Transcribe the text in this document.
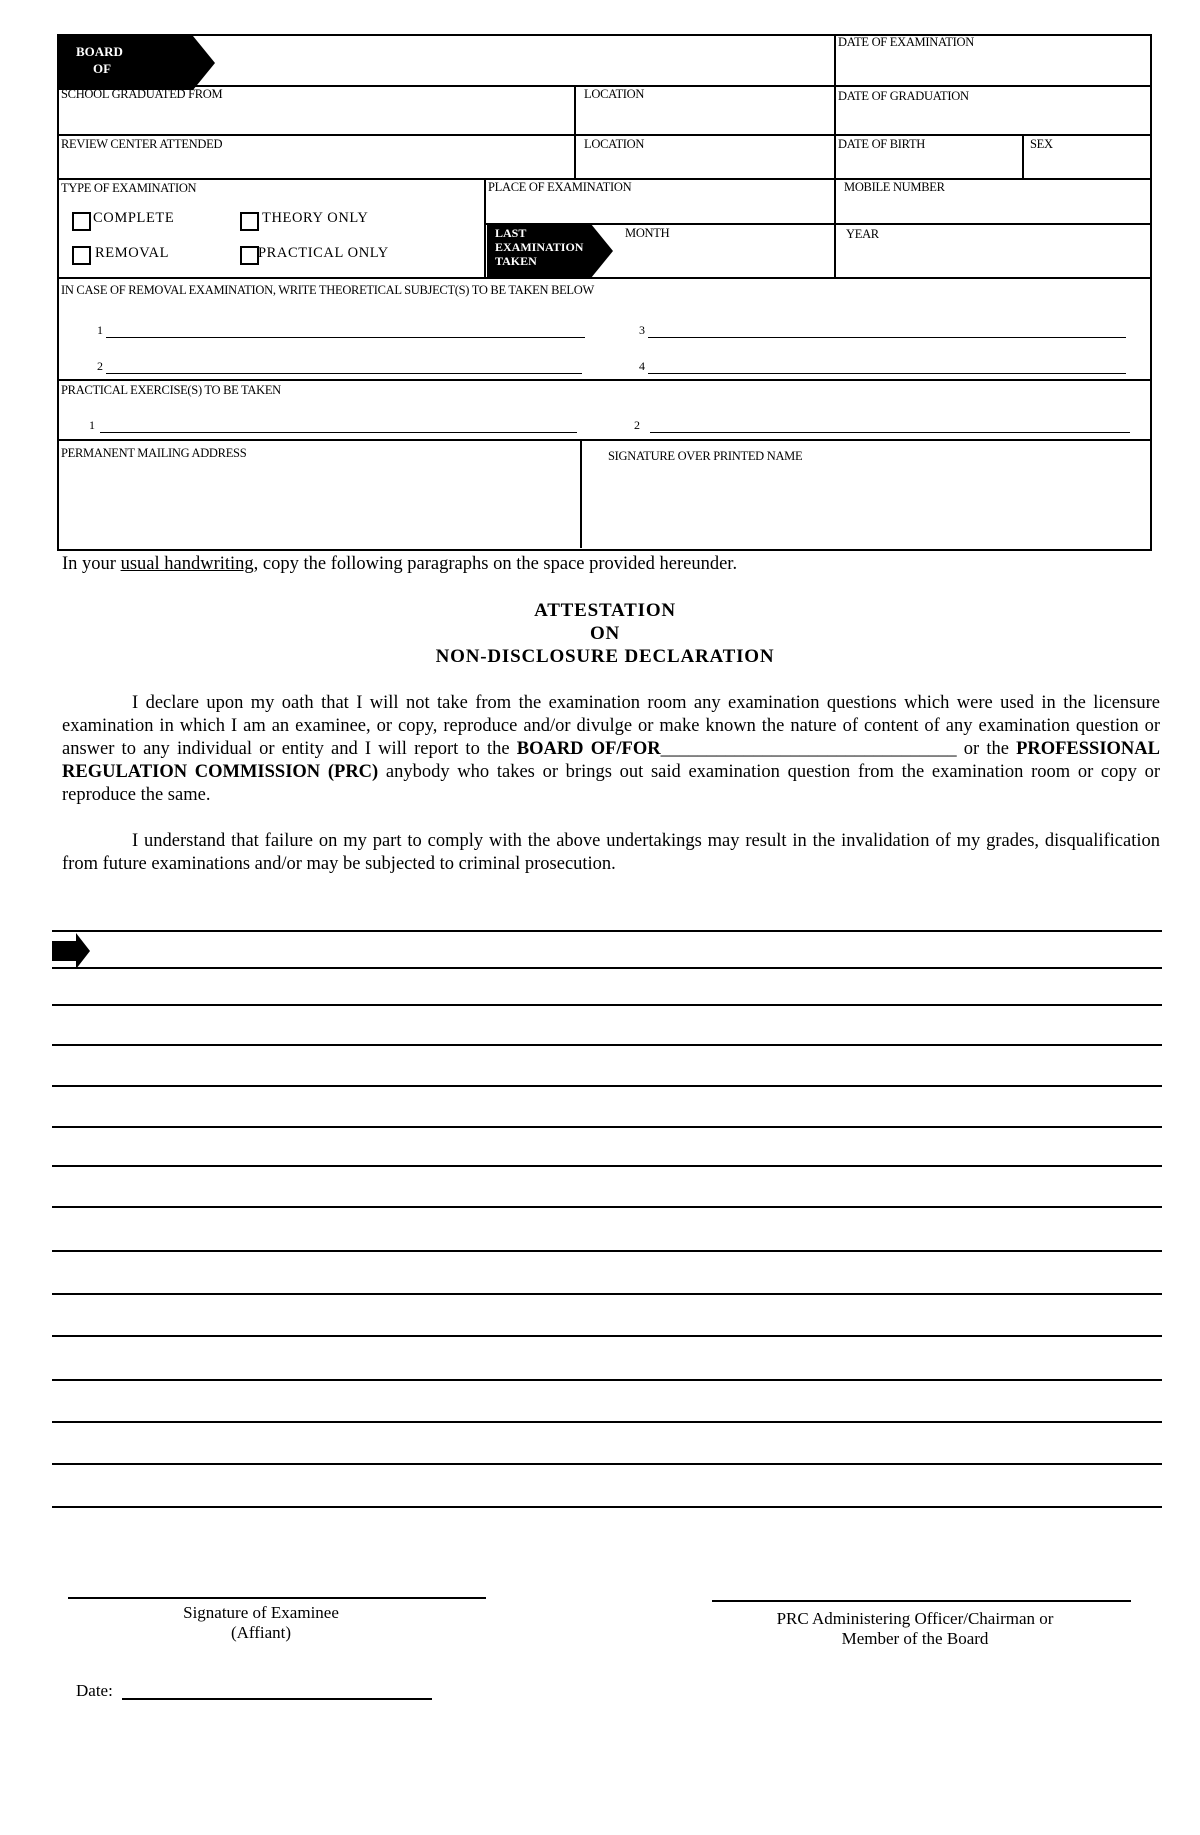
BOARD
OF
DATE OF EXAMINATION
SCHOOL GRADUATED FROM	LOCATION	DATE OF GRADUATION
REVIEW CENTER ATTENDED	LOCATION	DATE OF BIRTH	SEX
TYPE OF EXAMINATION	PLACE OF EXAMINATION	MOBILE NUMBER
COMPLETE	THEORY ONLY
REMOVAL	PRACTICAL ONLY
LAST
EXAMINATION
TAKEN
MONTH	YEAR
IN CASE OF REMOVAL EXAMINATION, WRITE THEORETICAL SUBJECT(S) TO BE TAKEN BELOW
1
2
3
4
PRACTICAL EXERCISE(S) TO BE TAKEN
1	2
PERMANENT MAILING ADDRESS	SIGNATURE OVER PRINTED NAME
In your usual handwriting, copy the following paragraphs on the space provided hereunder.
ATTESTATION
ON
NON-DISCLOSURE DECLARATION
I declare upon my oath that I will not take from the examination room any examination questions which were used in the licensure examination in which I am an examinee, or copy, reproduce and/or divulge or make known the nature of content of any examination question or answer to any individual or entity and I will report to the BOARD OF/FOR________________________________ or the PROFESSIONAL REGULATION COMMISSION (PRC) anybody who takes or brings out said examination question from the examination room or copy or reproduce the same.
I understand that failure on my part to comply with the above undertakings may result in the invalidation of my grades, disqualification from future examinations and/or may be subjected to criminal prosecution.
Signature of Examinee
(Affiant)
PRC Administering Officer/Chairman or
Member of the Board
Date:
